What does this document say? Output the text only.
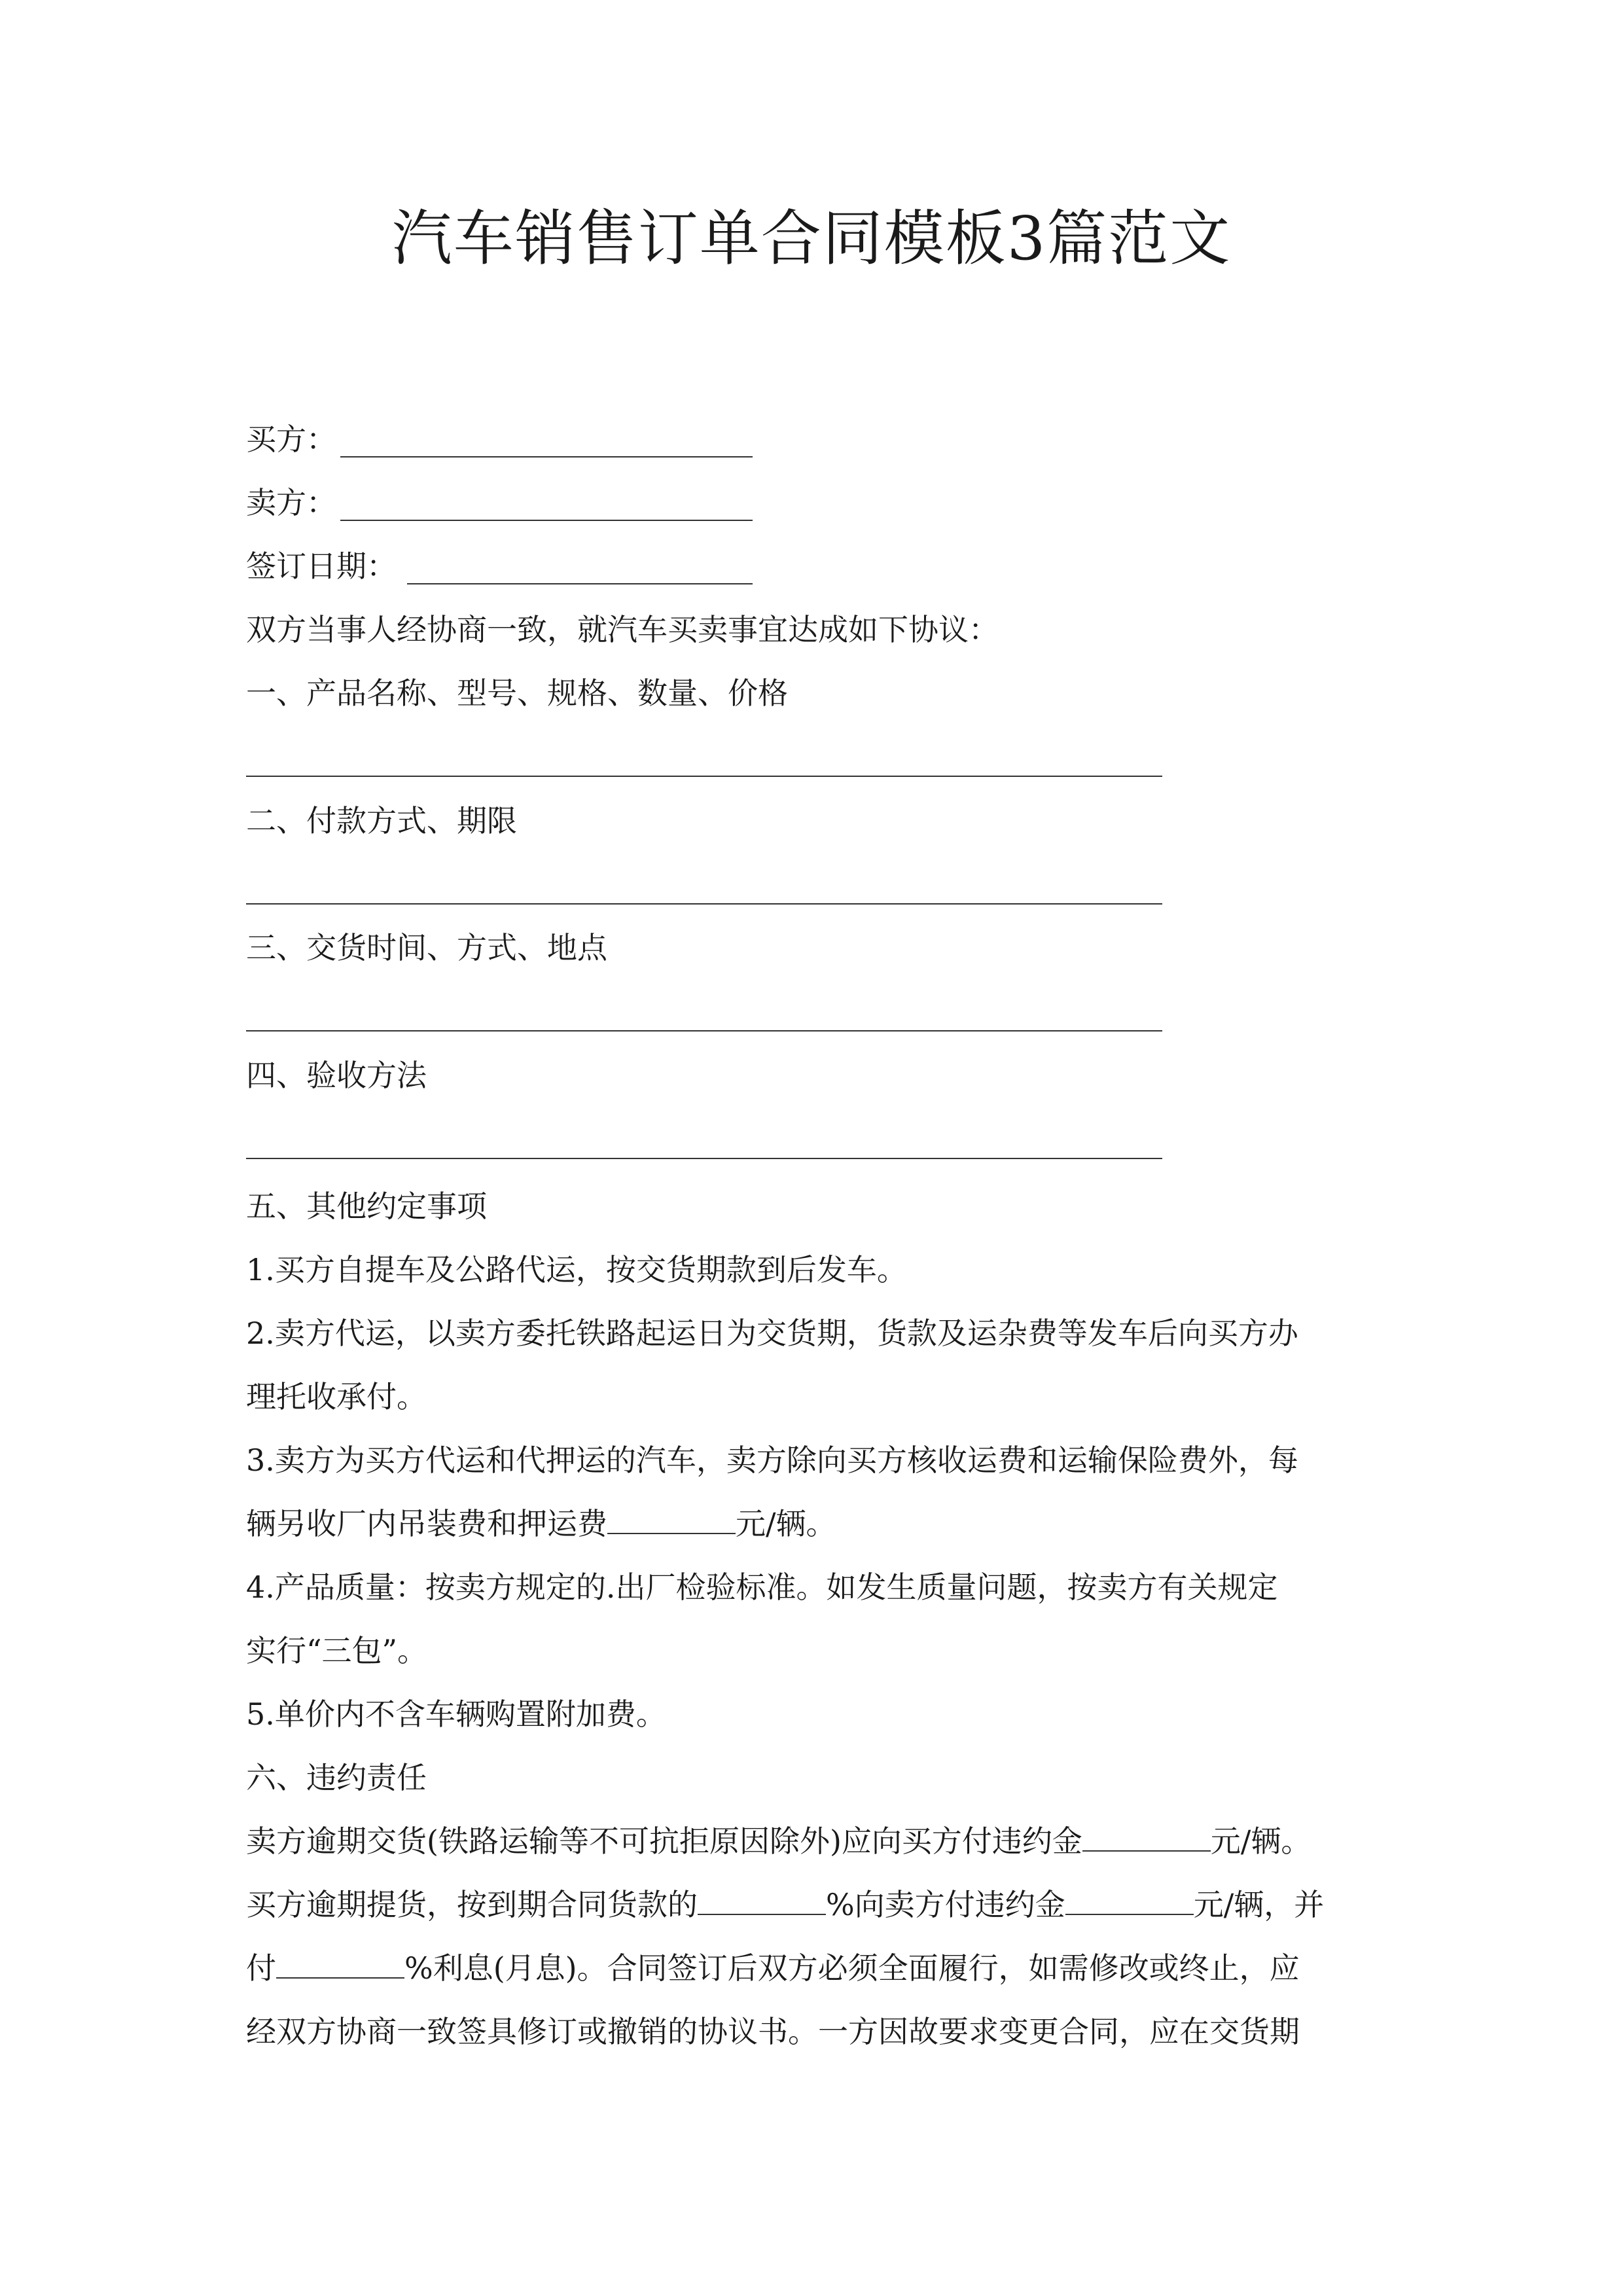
汽车销售订单合同模板3篇范文
买方：
卖方：
签订日期：
双方当事人经协商一致，就汽车买卖事宜达成如下协议：
一、产品名称、型号、规格、数量、价格
二、付款方式、期限
三、交货时间、方式、地点
四、验收方法
五、其他约定事项
1.买方自提车及公路代运，按交货期款到后发车。
2.卖方代运，以卖方委托铁路起运日为交货期，货款及运杂费等发车后向买方办
理托收承付。
3.卖方为买方代运和代押运的汽车，卖方除向买方核收运费和运输保险费外，每
辆另收厂内吊装费和押运费	元/辆。
4.产品质量：按卖方规定的.出厂检验标准。如发生质量问题，按卖方有关规定
实行“三包”。
5.单价内不含车辆购置附加费。
六、违约责任
卖方逾期交货(铁路运输等不可抗拒原因除外)应向买方付违约金	元/辆。
买方逾期提货，按到期合同货款的	%向卖方付违约金	元/辆，并
付	%利息(月息)。合同签订后双方必须全面履行，如需修改或终止，应
经双方协商一致签具修订或撤销的协议书。一方因故要求变更合同，应在交货期
